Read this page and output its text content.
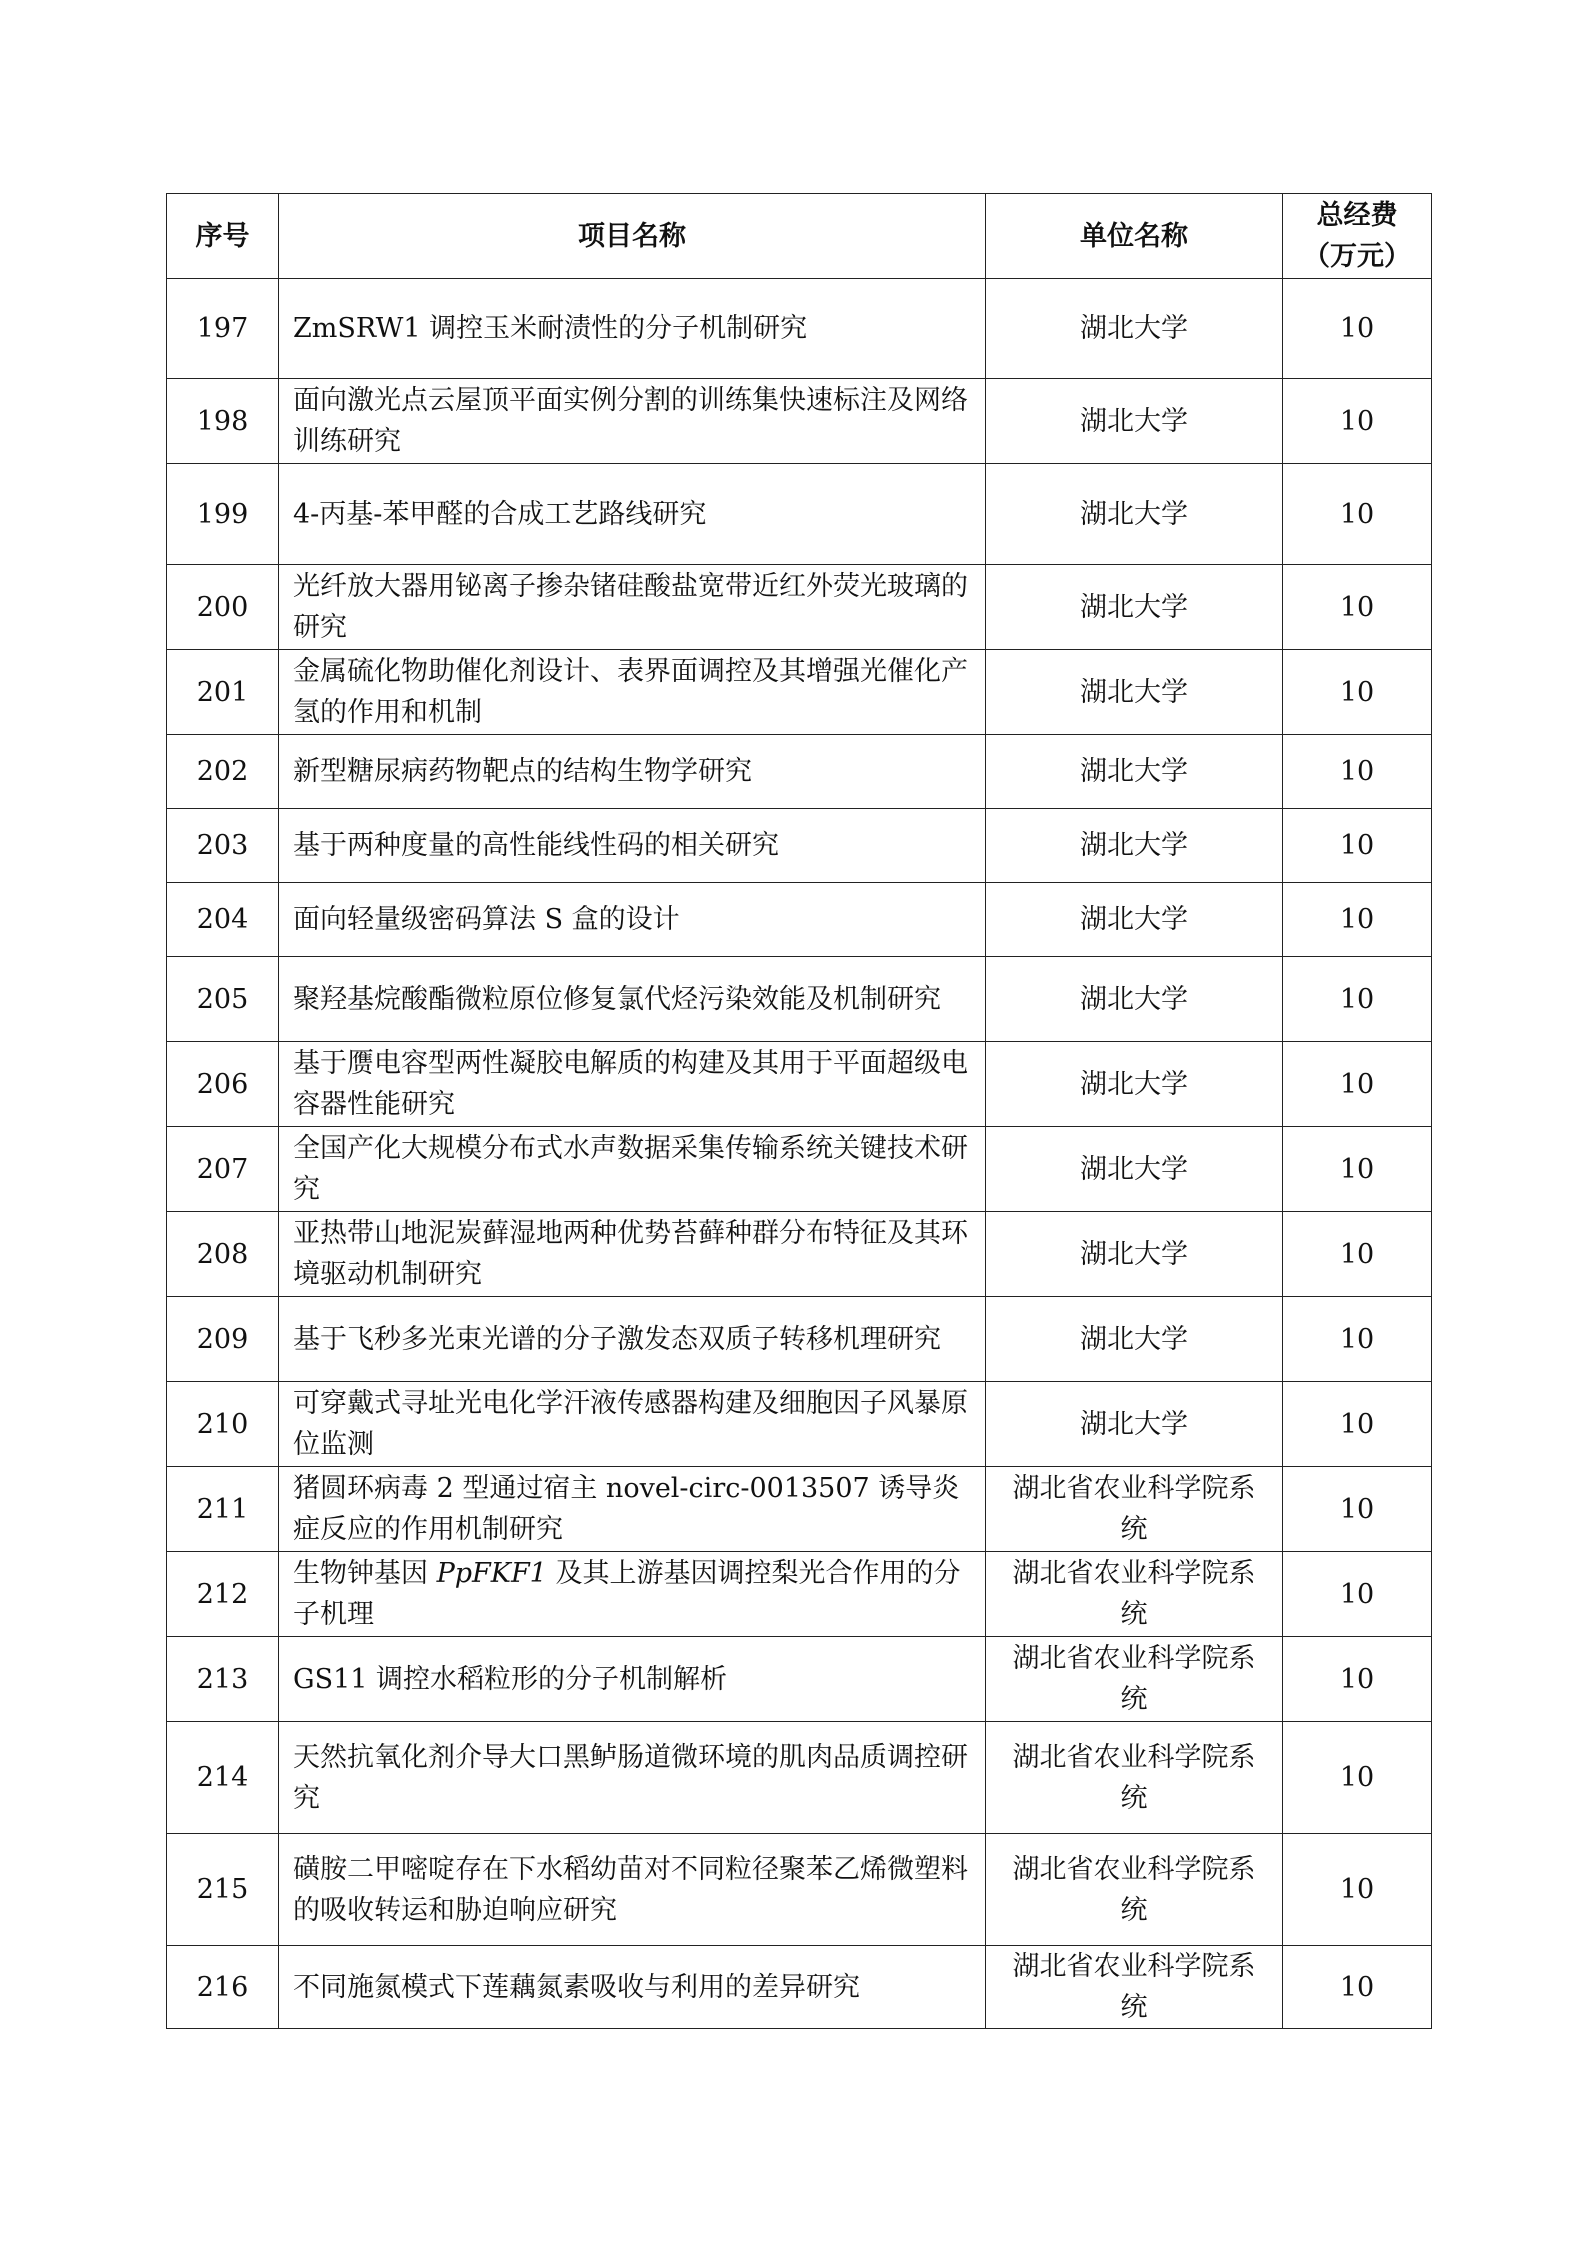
序号	项目名称	单位名称	总经费
（万元）

197	ZmSRW1 调控玉米耐渍性的分子机制研究	湖北大学	10
198	面向激光点云屋顶平面实例分割的训练集快速标注及网络训练研究	湖北大学	10
199	4-丙基-苯甲醛的合成工艺路线研究	湖北大学	10
200	光纤放大器用铋离子掺杂锗硅酸盐宽带近红外荧光玻璃的研究	湖北大学	10
201	金属硫化物助催化剂设计、表界面调控及其增强光催化产氢的作用和机制	湖北大学	10
202	新型糖尿病药物靶点的结构生物学研究	湖北大学	10
203	基于两种度量的高性能线性码的相关研究	湖北大学	10
204	面向轻量级密码算法 S 盒的设计	湖北大学	10
205	聚羟基烷酸酯微粒原位修复氯代烃污染效能及机制研究	湖北大学	10
206	基于赝电容型两性凝胶电解质的构建及其用于平面超级电容器性能研究	湖北大学	10
207	全国产化大规模分布式水声数据采集传输系统关键技术研究	湖北大学	10
208	亚热带山地泥炭藓湿地两种优势苔藓种群分布特征及其环境驱动机制研究	湖北大学	10
209	基于飞秒多光束光谱的分子激发态双质子转移机理研究	湖北大学	10
210	可穿戴式寻址光电化学汗液传感器构建及细胞因子风暴原位监测	湖北大学	10
211	猪圆环病毒 2 型通过宿主 novel-circ-0013507 诱导炎症反应的作用机制研究	湖北省农业科学院系统	10
212	生物钟基因 PpFKF1 及其上游基因调控梨光合作用的分子机理	湖北省农业科学院系统	10
213	GS11 调控水稻粒形的分子机制解析	湖北省农业科学院系统	10
214	天然抗氧化剂介导大口黑鲈肠道微环境的肌肉品质调控研究	湖北省农业科学院系统	10
215	磺胺二甲嘧啶存在下水稻幼苗对不同粒径聚苯乙烯微塑料的吸收转运和胁迫响应研究	湖北省农业科学院系统	10
216	不同施氮模式下莲藕氮素吸收与利用的差异研究	湖北省农业科学院系统	10
